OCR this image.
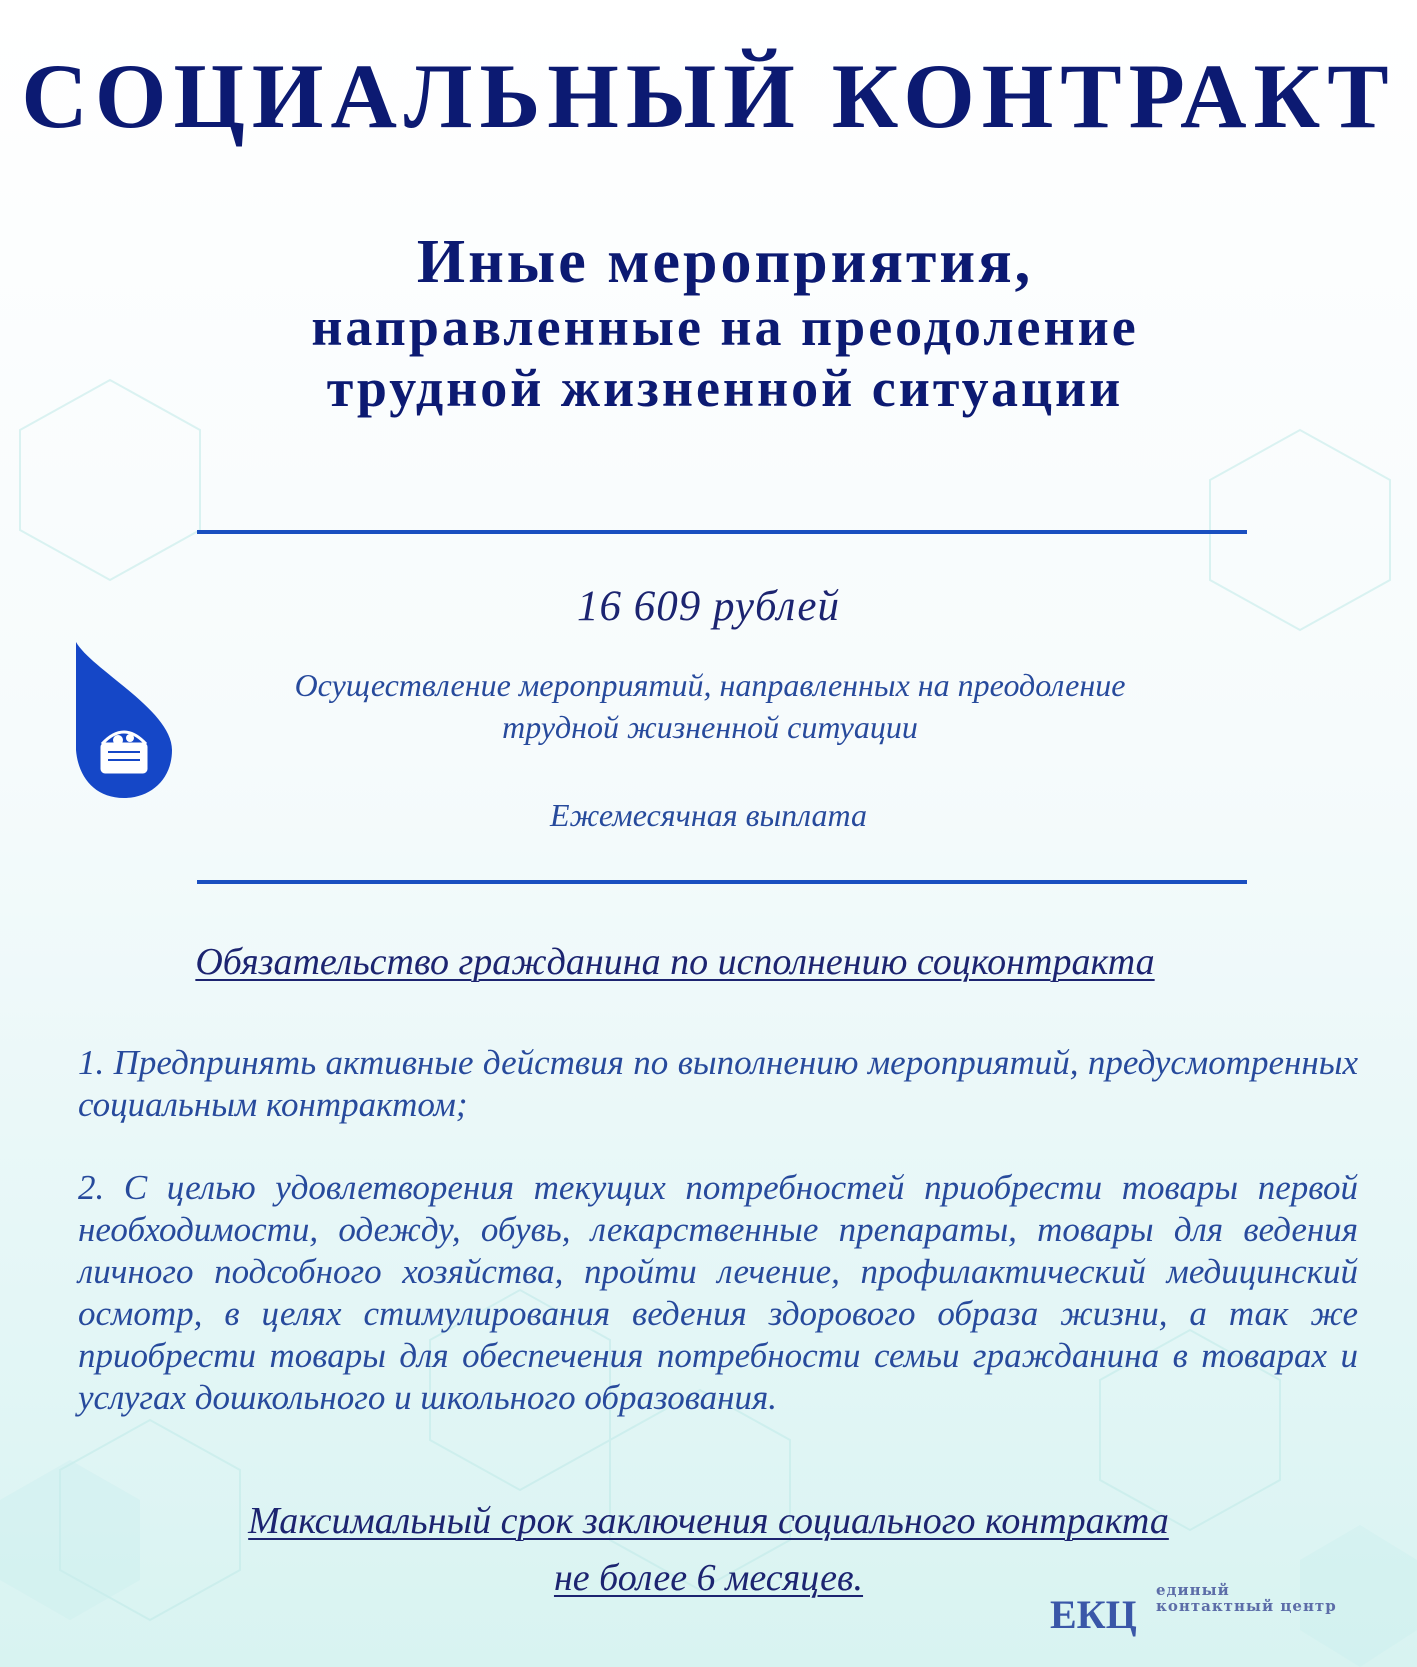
СОЦИАЛЬНЫЙ КОНТРАКТ
Иные мероприятия,
направленные на преодоление
трудной жизненной ситуации
16 609 рублей
Осуществление мероприятий, направленных на преодоление
трудной жизненной ситуации
Ежемесячная выплата
Обязательство гражданина по исполнению соцконтракта
1. Предпринять активные действия по выполнению мероприятий, предусмотренных социальным контрактом;
2. С целью удовлетворения текущих потребностей приобрести товары первой необходимости, одежду, обувь, лекарственные препараты, товары для ведения личного подсобного хозяйства, пройти лечение, профилактический медицинский осмотр, в целях стимулирования ведения здорового образа жизни, а так же приобрести товары для обеспечения потребности семьи гражданина в товарах и услугах дошкольного и школьного образования.
Максимальный срок заключения социального контракта
не более 6 месяцев.
ЕКЦ
единый
контактный центр
